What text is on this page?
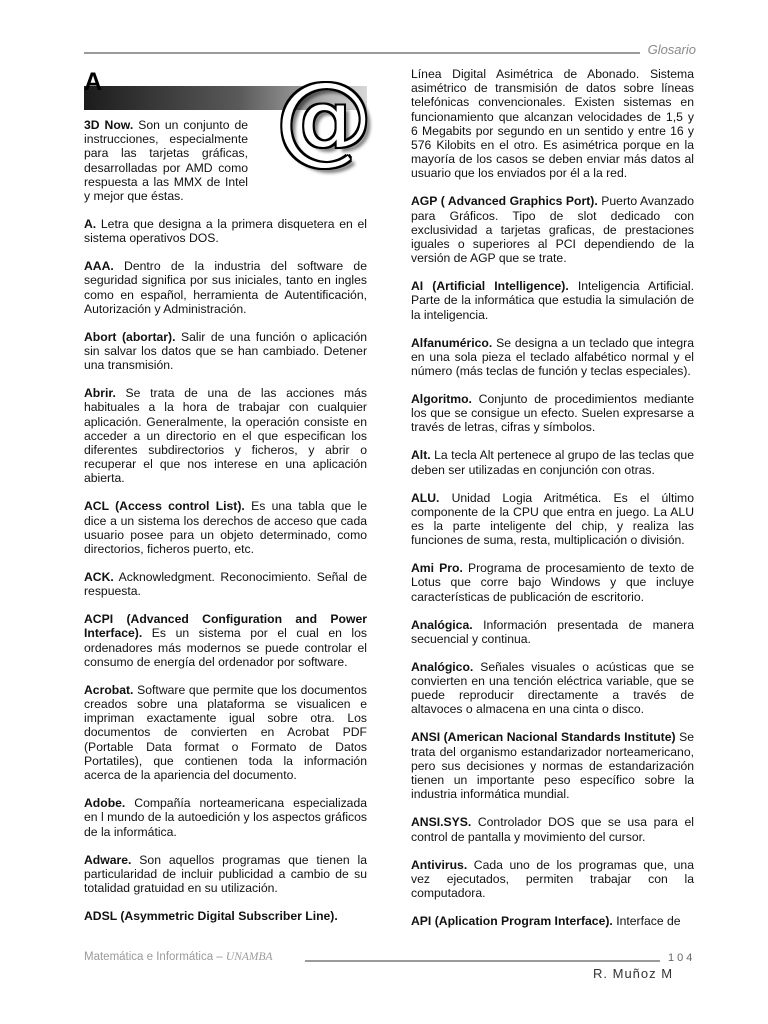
Glosario
A @

3D Now. Son un conjunto de instrucciones, especialmente para las tarjetas gráficas, desarrolladas por AMD como respuesta a las MMX de Intel y mejor que éstas.

A. Letra que designa a la primera disquetera en el sistema operativos DOS.

AAA. Dentro de la industria del software de seguridad significa por sus iniciales, tanto en ingles como en español, herramienta de Autentificación, Autorización y Administración.

Abort (abortar). Salir de una función o aplicación sin salvar los datos que se han cambiado. Detener una transmisión.

Abrir. Se trata de una de las acciones más habituales a la hora de trabajar con cualquier aplicación. Generalmente, la operación consiste en acceder a un directorio en el que especifican los diferentes subdirectorios y ficheros, y abrir o recuperar el que nos interese en una aplicación abierta.

ACL (Access control List). Es una tabla que le dice a un sistema los derechos de acceso que cada usuario posee para un objeto determinado, como directorios, ficheros puerto, etc.

ACK. Acknowledgment. Reconocimiento. Señal de respuesta.

ACPI (Advanced Configuration and Power Interface). Es un sistema por el cual en los ordenadores más modernos se puede controlar el consumo de energía del ordenador por software.

Acrobat. Software que permite que los documentos creados sobre una plataforma se visualicen e impriman exactamente igual sobre otra. Los documentos de convierten en Acrobat PDF (Portable Data format o Formato de Datos Portatiles), que contienen toda la información acerca de la apariencia del documento.

Adobe. Compañía norteamericana especializada en l mundo de la autoedición y los aspectos gráficos de la informática.

Adware. Son aquellos programas que tienen la particularidad de incluir publicidad a cambio de su totalidad gratuidad en su utilización.

ADSL (Asymmetric Digital Subscriber Line).

Línea Digital Asimétrica de Abonado. Sistema asimétrico de transmisión de datos sobre líneas telefónicas convencionales. Existen sistemas en funcionamiento que alcanzan velocidades de 1,5 y 6 Megabits por segundo en un sentido y entre 16 y 576 Kilobits en el otro. Es asimétrica porque en la mayoría de los casos se deben enviar más datos al usuario que los enviados por él a la red.

AGP ( Advanced Graphics Port). Puerto Avanzado para Gráficos. Tipo de slot dedicado con exclusividad a tarjetas graficas, de prestaciones iguales o superiores al PCI dependiendo de la versión de AGP que se trate.

AI (Artificial Intelligence). Inteligencia Artificial. Parte de la informática que estudia la simulación de la inteligencia.

Alfanumérico. Se designa a un teclado que integra en una sola pieza el teclado alfabético normal y el número (más teclas de función y teclas especiales).

Algoritmo. Conjunto de procedimientos mediante los que se consigue un efecto. Suelen expresarse a través de letras, cifras y símbolos.

Alt. La tecla Alt pertenece al grupo de las teclas que deben ser utilizadas en conjunción con otras.

ALU. Unidad Logia Aritmética. Es el último componente de la CPU que entra en juego. La ALU es la parte inteligente del chip, y realiza las funciones de suma, resta, multiplicación o división.

Ami Pro. Programa de procesamiento de texto de Lotus que corre bajo Windows y que incluye características de publicación de escritorio.

Analógica. Información presentada de manera secuencial y continua.

Analógico. Señales visuales o acústicas que se convierten en una tención eléctrica variable, que se puede reproducir directamente a través de altavoces o almacena en una cinta o disco.

ANSI (American Nacional Standards Institute) Se trata del organismo estandarizador norteamericano, pero sus decisiones y normas de estandarización tienen un importante peso específico sobre la industria informática mundial.

ANSI.SYS. Controlador DOS que se usa para el control de pantalla y movimiento del cursor.

Antivirus. Cada uno de los programas que, una vez ejecutados, permiten trabajar con la computadora.

API (Aplication Program Interface). Interface de

Matemática e Informática – UNAMBA	104
R. Muñoz M
